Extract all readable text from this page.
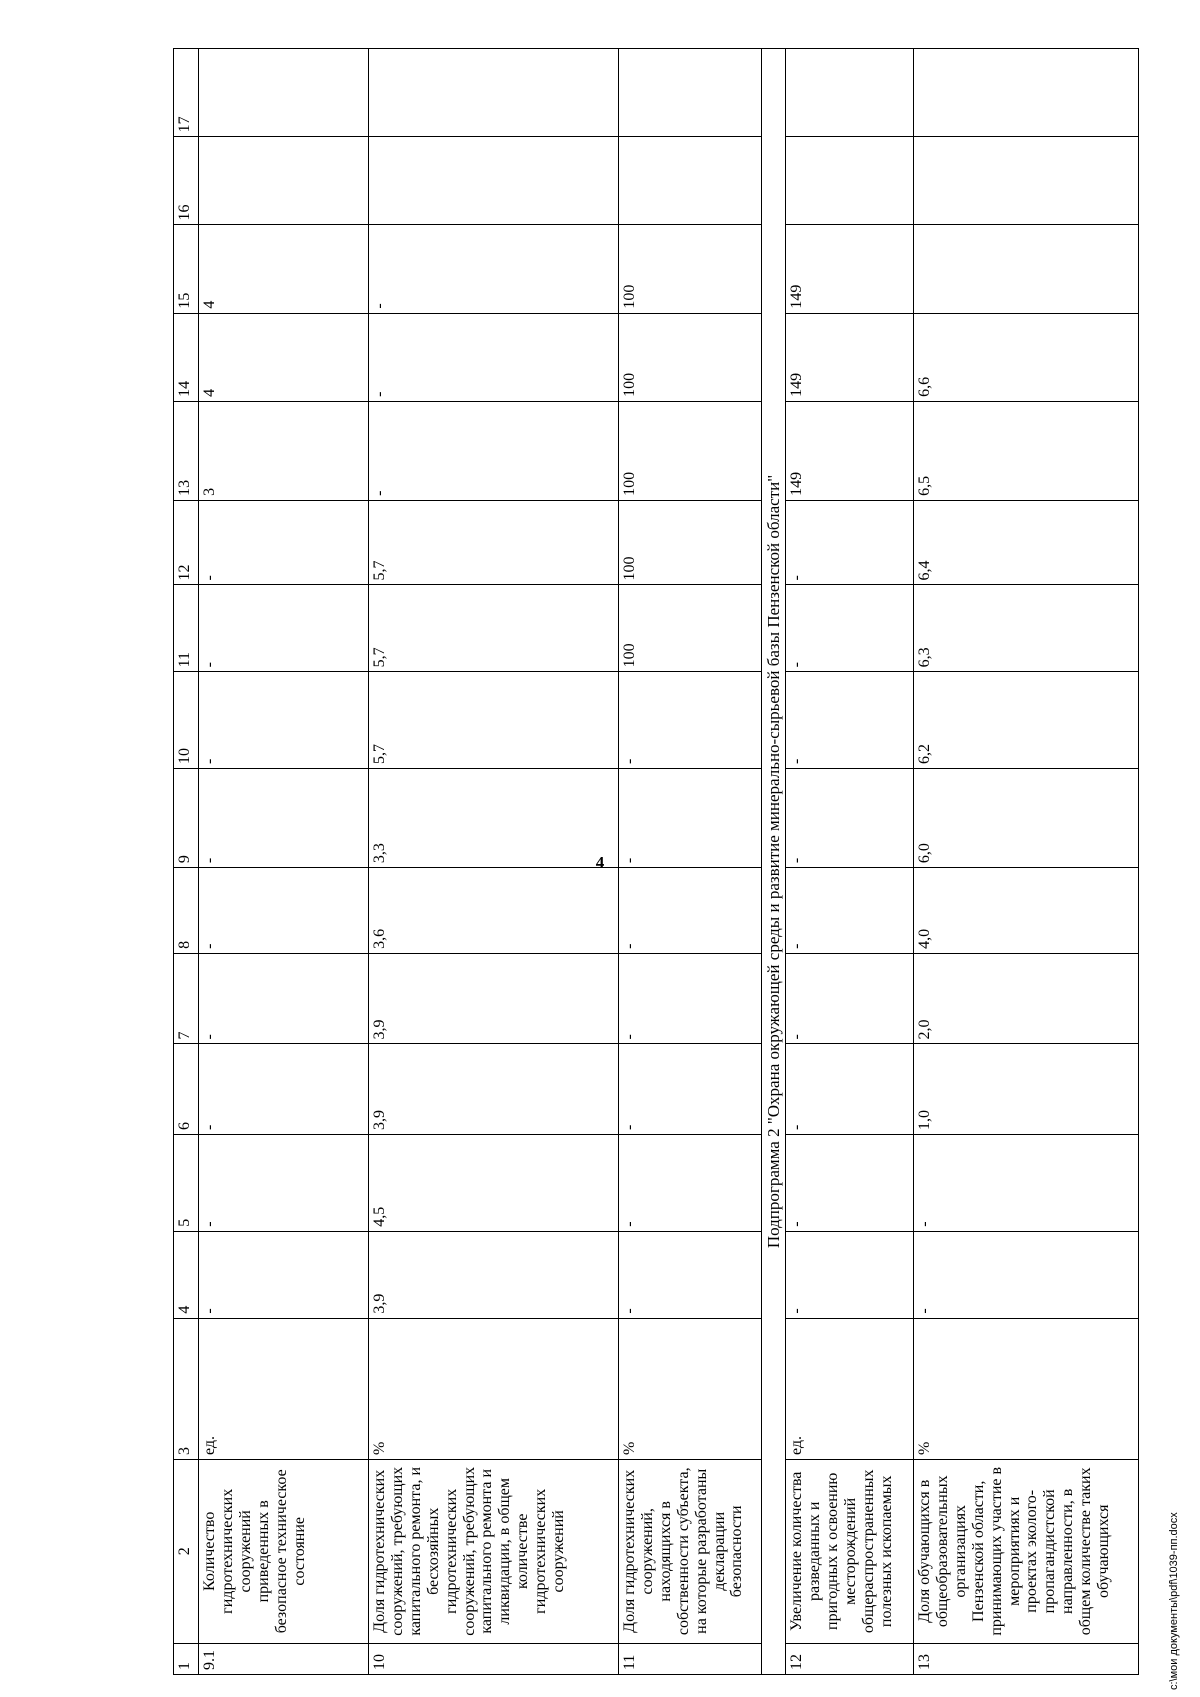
4
1	2	3	4	5	6	7	8	9	10	11	12	13	14	15	16	17
9.1	Количество гидротехнических сооружений приведенных в безопасное техническое состояние	ед.	-	-	-	-	-	-	-	-	-	3	4	4		
10	Доля гидротехнических сооружений, требующих капитального ремонта, и бесхозяйных гидротехнических сооружений, требующих капитального ремонта и ликвидации, в общем количестве гидротехнических сооружений	%	3,9	4,5	3,9	3,9	3,6	3,3	5,7	5,7	5,7	-	-	-		
11	Доля гидротехнических сооружений, находящихся в собственности субъекта, на которые разработаны декларации безопасности	%	-	-	-	-	-	-	-	100	100	100	100	100		
Подпрограмма 2 "Охрана окружающей среды и развитие минерально-сырьевой базы Пензенской области"																
12	Увеличение количества разведанных и пригодных к освоению месторождений общераспространенных полезных ископаемых	ед.	-	-	-	-	-	-	-	-	-	149	149	149		
13	Доля обучающихся в общеобразовательных организациях Пензенской области, принимающих участие в мероприятиях и проектах эколого-пропагандистской направленности, в общем количестве таких обучающихся	%	-	-	1,0	2,0	4,0	6,0	6,2	6,3	6,4	6,5	6,6			
c:\мои документы\pdf\1039-пп.docx
